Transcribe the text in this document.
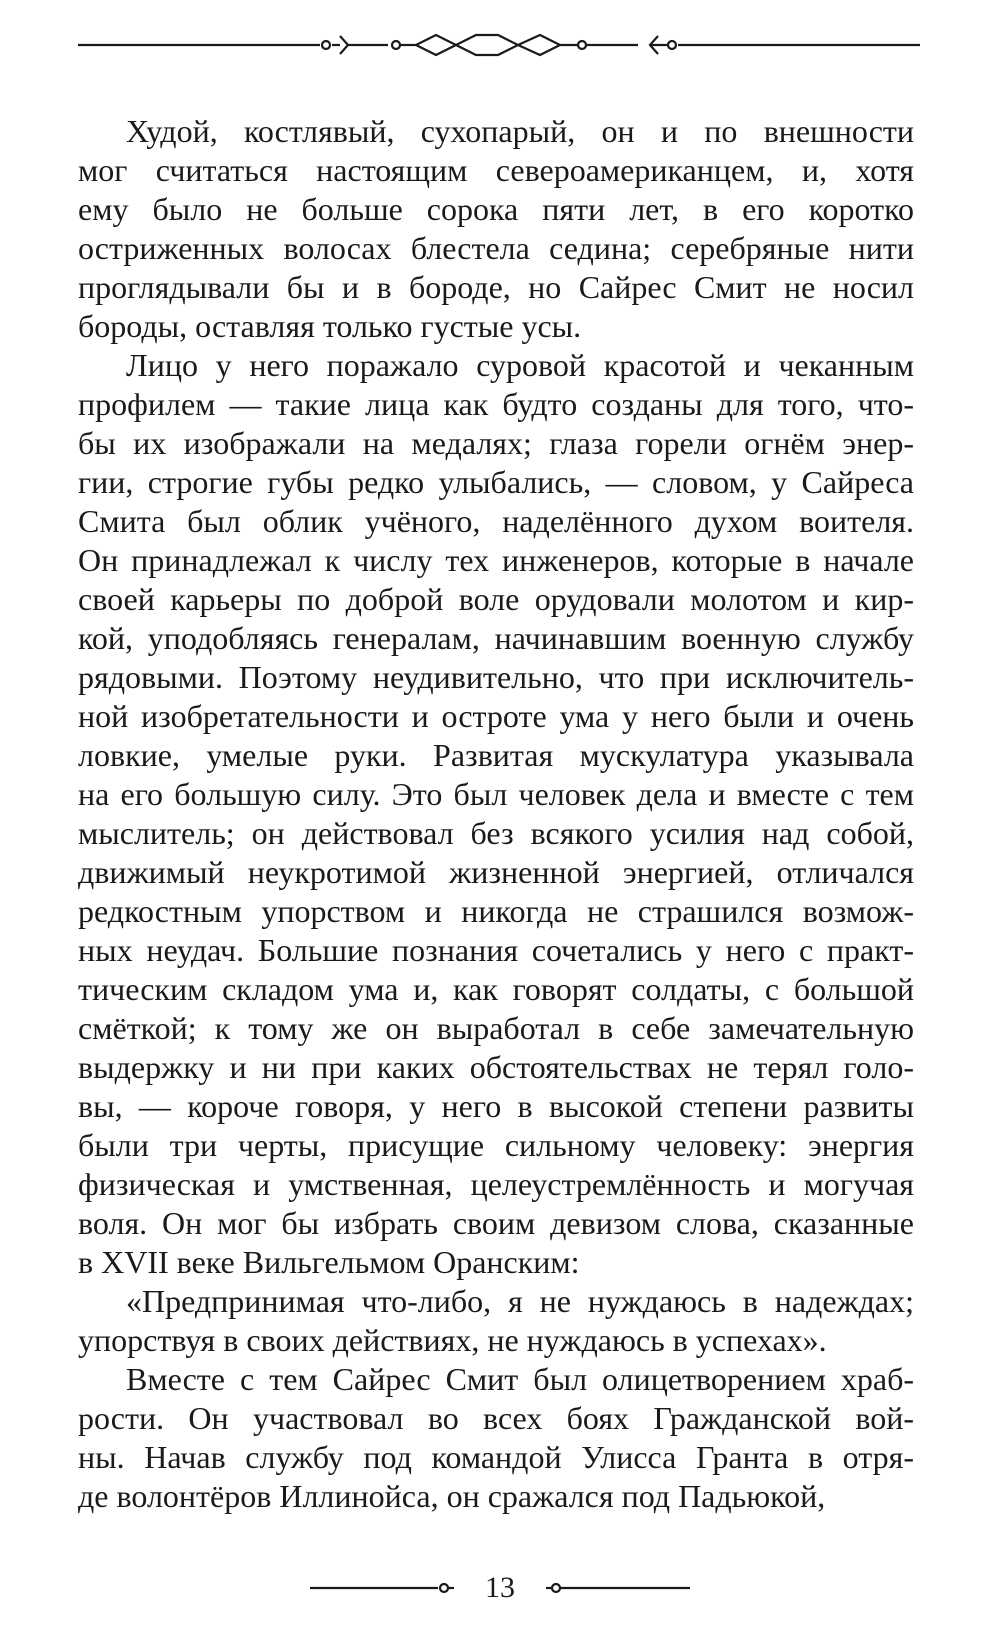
Худой, костлявый, сухопарый, он и по внешности
мог считаться настоящим североамериканцем, и, хотя
ему было не больше сорока пяти лет, в его коротко
остриженных волосах блестела седина; серебряные нити
проглядывали бы и в бороде, но Сайрес Смит не носил
бороды, оставляя только густые усы.
Лицо у него поражало суровой красотой и чеканным
профилем — такие лица как будто созданы для того, что-
бы их изображали на медалях; глаза горели огнём энер-
гии, строгие губы редко улыбались, — словом, у Сайреса
Смита был облик учёного, наделённого духом воителя.
Он принадлежал к числу тех инженеров, которые в начале
своей карьеры по доброй воле орудовали молотом и кир-
кой, уподобляясь генералам, начинавшим военную службу
рядовыми. Поэтому неудивительно, что при исключитель-
ной изобретательности и остроте ума у него были и очень
ловкие, умелые руки. Развитая мускулатура указывала
на его большую силу. Это был человек дела и вместе с тем
мыслитель; он действовал без всякого усилия над собой,
движимый неукротимой жизненной энергией, отличался
редкостным упорством и никогда не страшился возмож-
ных неудач. Большие познания сочетались у него с практ-
тическим складом ума и, как говорят солдаты, с большой
смёткой; к тому же он выработал в себе замечательную
выдержку и ни при каких обстоятельствах не терял голо-
вы, — короче говоря, у него в высокой степени развиты
были три черты, присущие сильному человеку: энергия
физическая и умственная, целеустремлённость и могучая
воля. Он мог бы избрать своим девизом слова, сказанные
в XVII веке Вильгельмом Оранским:
«Предпринимая что-либо, я не нуждаюсь в надеждах;
упорствуя в своих действиях, не нуждаюсь в успехах».
Вместе с тем Сайрес Смит был олицетворением храб-
рости. Он участвовал во всех боях Гражданской вой-
ны. Начав службу под командой Улисса Гранта в отря-
де волонтёров Иллинойса, он сражался под Падьюкой,
13
